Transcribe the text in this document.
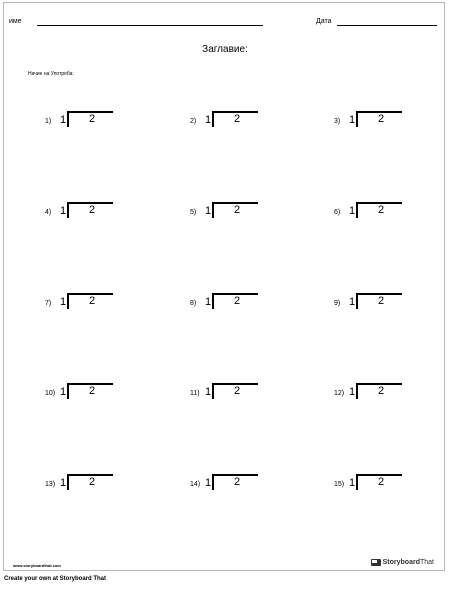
име	Дата
Заглавие:
Начин на Употреба:
1) 1 2	2) 1 2	3) 1 2
4) 1 2	5) 1 2	6) 1 2
7) 1 2	8) 1 2	9) 1 2
10) 1 2	11) 1 2	12) 1 2
13) 1 2	14) 1 2	15) 1 2
www.storyboardthat.com	StoryboardThat
Create your own at Storyboard That
